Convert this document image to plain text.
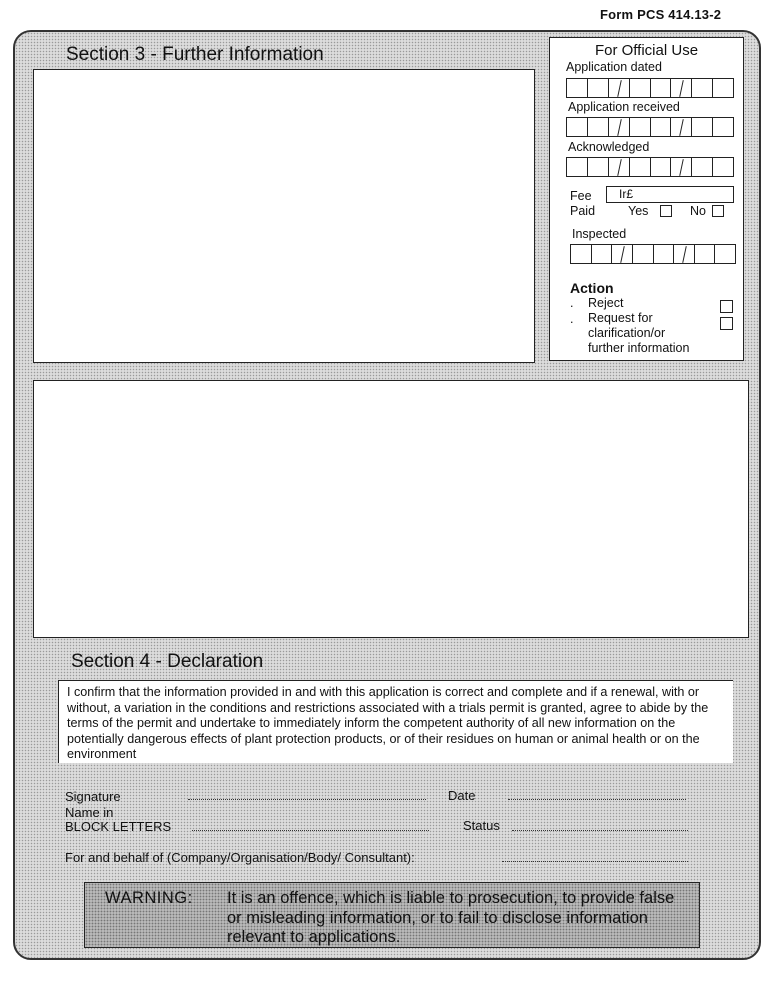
Form PCS 414.13-2
Section 3 - Further Information	For Official Use
Application dated
Application received
Acknowledged
Fee	Ir£
Paid	Yes	No
Inspected
Action
. Reject
. Request for
clarification/or
further information
Section 4 - Declaration
I confirm that the information provided in and with this application is correct and complete and if a renewal, with or without, a variation in the conditions and restrictions associated with a trials permit is granted, agree to abide by the terms of the permit and undertake to immediately inform the competent authority of all new information on the potentially dangerous effects of plant protection products, or of their residues on human or animal health or on the environment
Signature	Date
Name in
BLOCK LETTERS	Status
For and behalf of (Company/Organisation/Body/ Consultant):
WARNING: It is an offence, which is liable to prosecution, to provide false or misleading information, or to fail to disclose information relevant to applications.
